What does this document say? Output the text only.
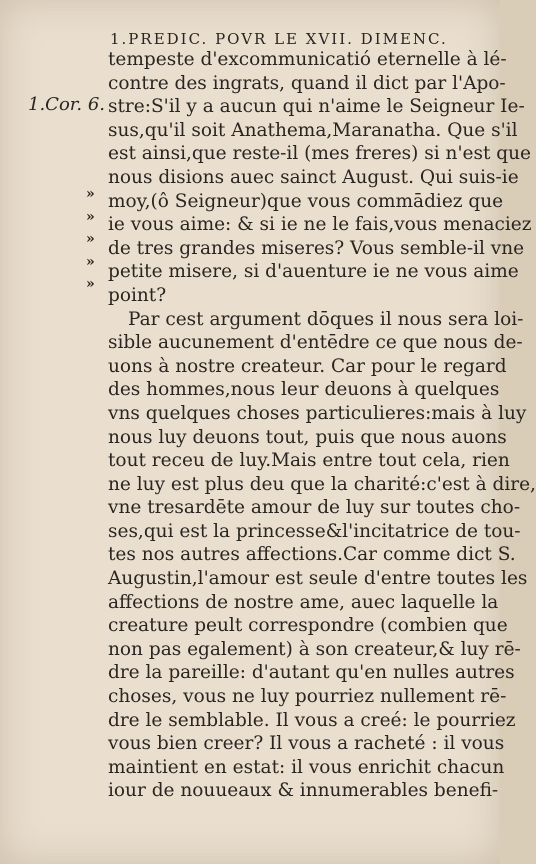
1.PREDIC. POVR LE XVII. DIMENC.
1.Cor. 6.
»
»
»
»
»
tempeste d'excommunicatió eternelle à lé-
contre des ingrats, quand il dict par l'Apo-
stre:S'il y a aucun qui n'aime le Seigneur Ie-
sus,qu'il soit Anathema,Maranatha. Que s'il
est ainsi,que reste-il (mes freres) si n'est que
nous disions auec sainct August. Qui suis-ie
moy,(ô Seigneur)que vous commādiez que
ie vous aime: & si ie ne le fais,vous menaciez
de tres grandes miseres? Vous semble-il vne
petite misere, si d'auenture ie ne vous aime
point?
Par cest argument dōques il nous sera loi-
sible aucunement d'entēdre ce que nous de-
uons à nostre createur. Car pour le regard
des hommes,nous leur deuons à quelques
vns quelques choses particulieres:mais à luy
nous luy deuons tout, puis que nous auons
tout receu de luy.Mais entre tout cela, rien
ne luy est plus deu que la charité:c'est à dire,
vne tresardēte amour de luy sur toutes cho-
ses,qui est la princesse&l'incitatrice de tou-
tes nos autres affections.Car comme dict S.
Augustin,l'amour est seule d'entre toutes les
affections de nostre ame, auec laquelle la
creature peult correspondre (combien que
non pas egalement) à son createur,& luy rē-
dre la pareille: d'autant qu'en nulles autres
choses, vous ne luy pourriez nullement rē-
dre le semblable. Il vous a creé: le pourriez
vous bien creer? Il vous a racheté : il vous
maintient en estat: il vous enrichit chacun
iour de nouueaux & innumerables benefi-
